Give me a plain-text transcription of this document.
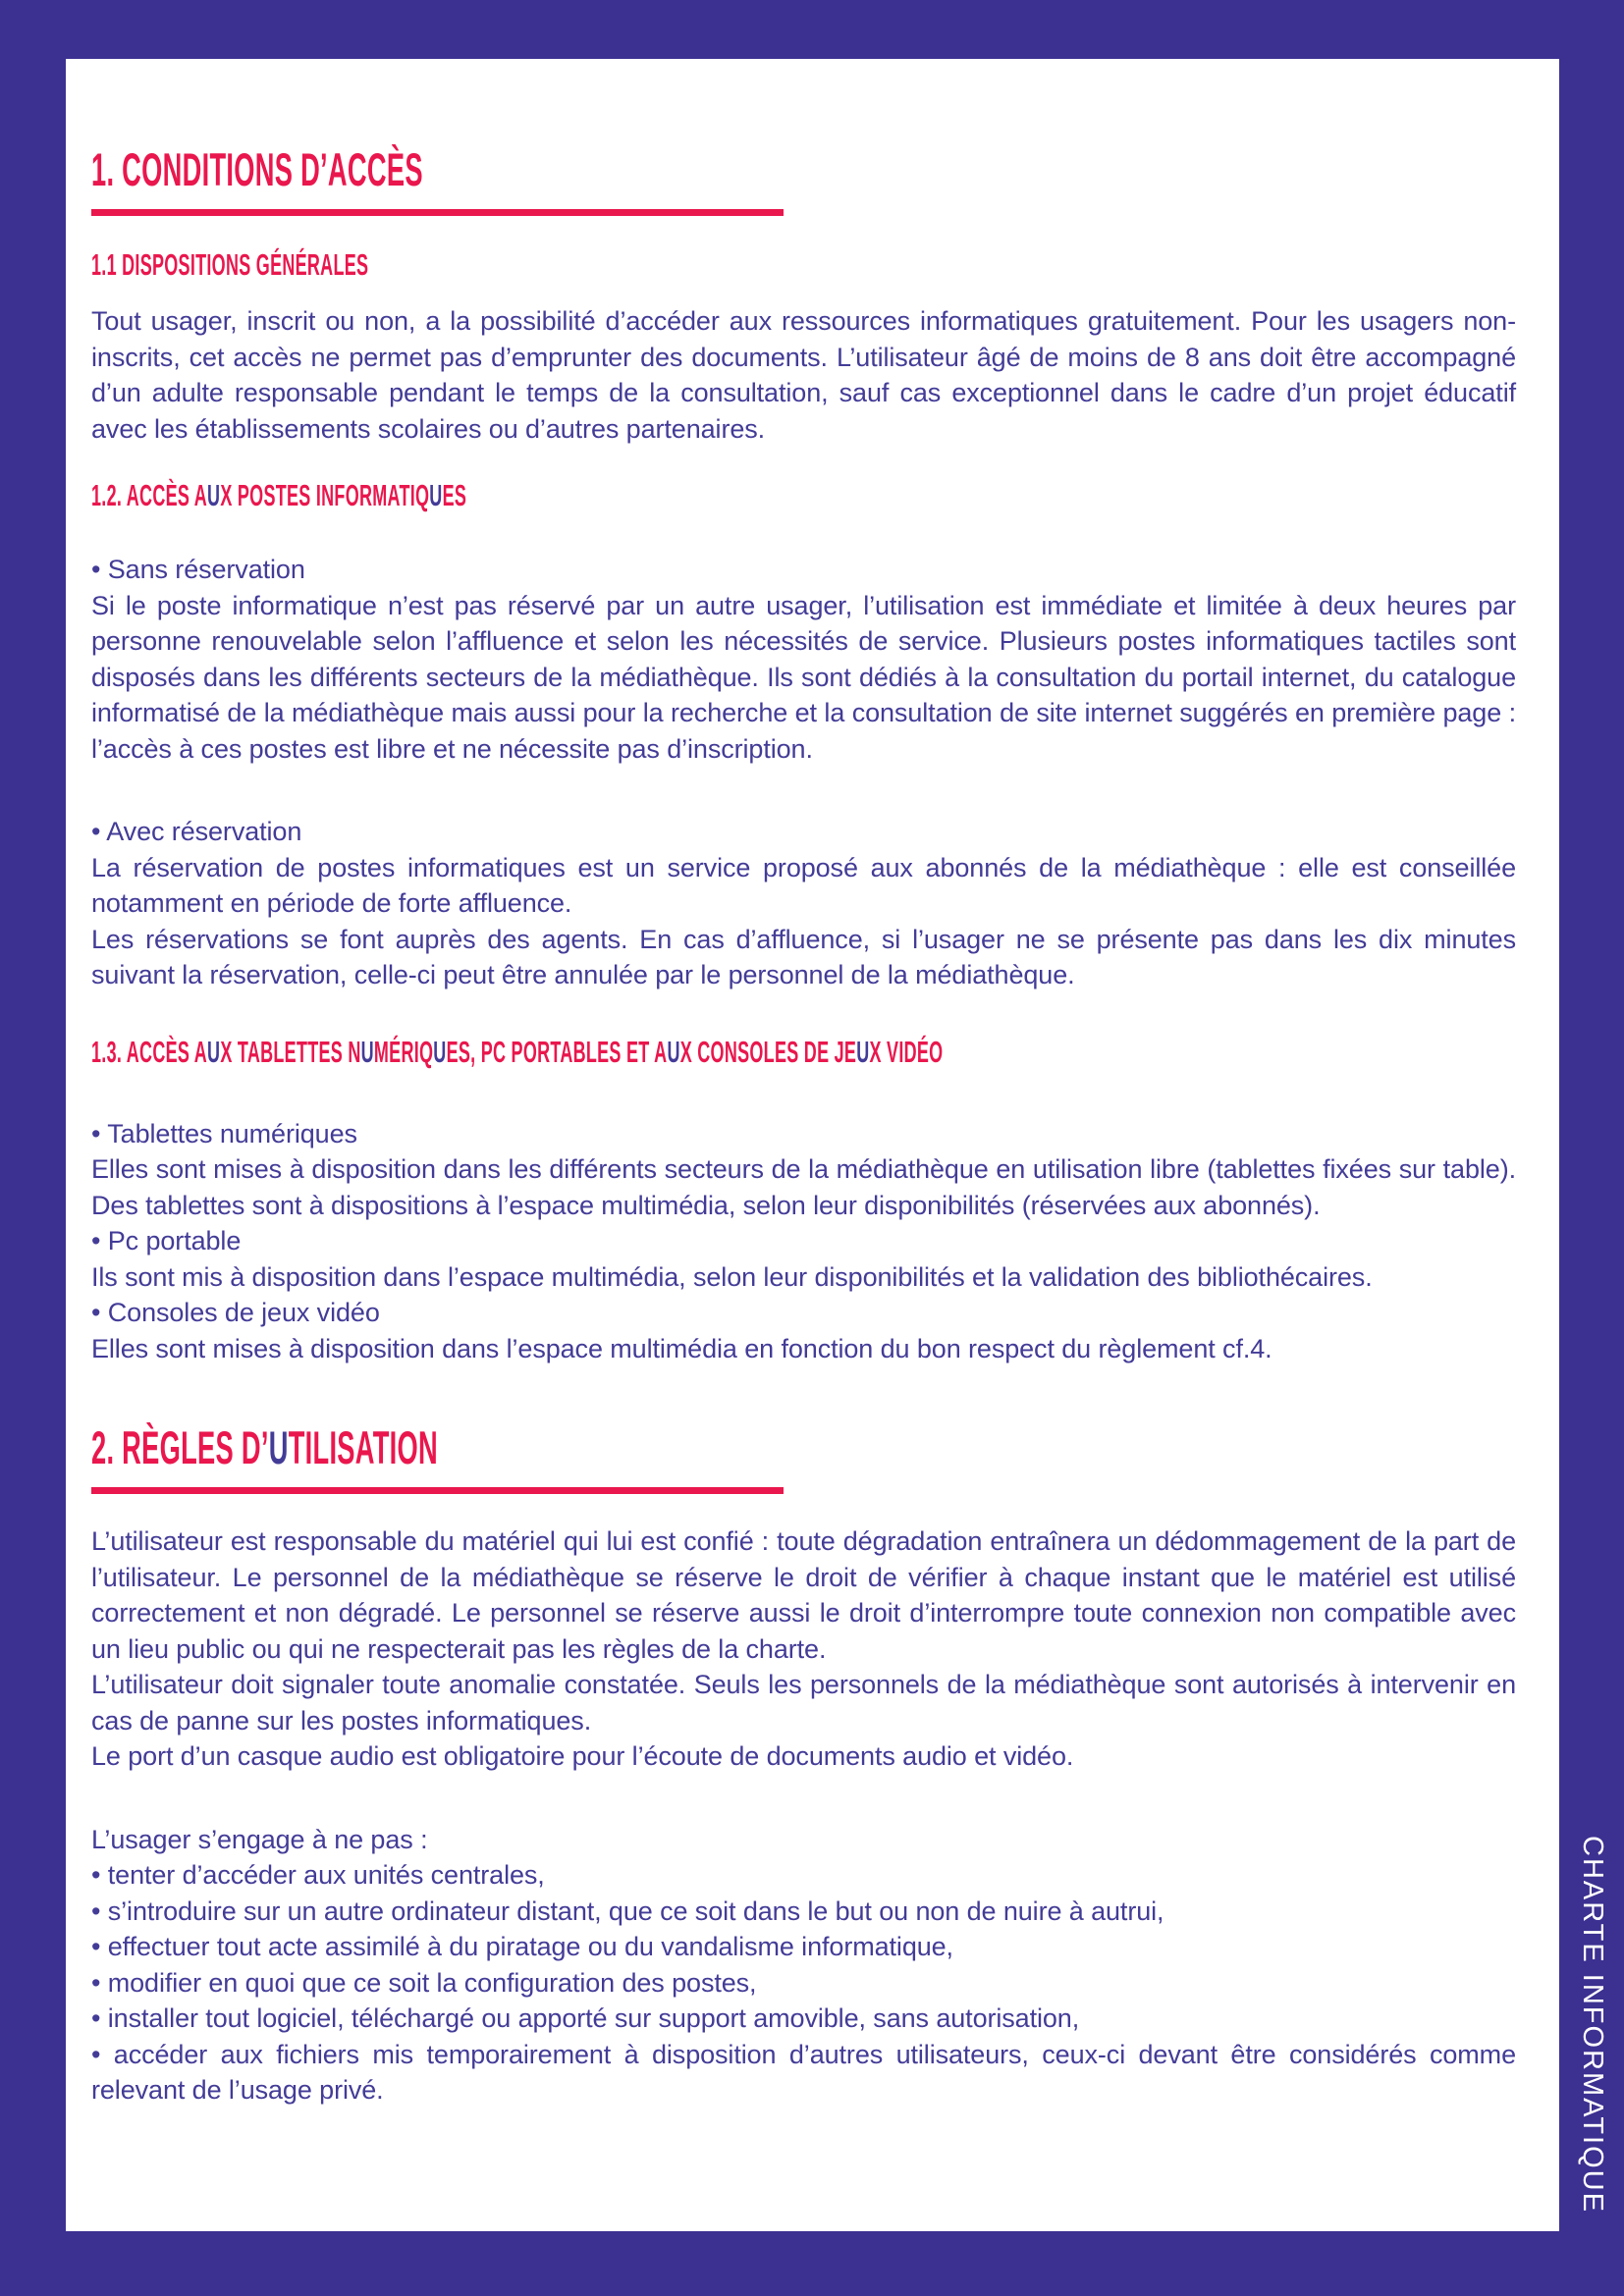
1. CONDITIONS D’ACCÈS
1.1 DISPOSITIONS GÉNÉRALES

Tout usager, inscrit ou non, a la possibilité d’accéder aux ressources informatiques gratuitement. Pour les usagers non-inscrits, cet accès ne permet pas d’emprunter des documents. L’utilisateur âgé de moins de 8 ans doit être accompagné d’un adulte responsable pendant le temps de la consultation, sauf cas exceptionnel dans le cadre d’un projet éducatif avec les établissements scolaires ou d’autres partenaires.

1.2. ACCÈS AUX POSTES INFORMATIQUES

• Sans réservation

Si le poste informatique n’est pas réservé par un autre usager, l’utilisation est immédiate et limitée à deux heures par personne renouvelable selon l’affluence et selon les nécessités de service. Plusieurs postes informatiques tactiles sont disposés dans les différents secteurs de la médiathèque. Ils sont dédiés à la consultation du portail internet, du catalogue informatisé de la médiathèque mais aussi pour la recherche et la consultation de site internet suggérés en première page : l’accès à ces postes est libre et ne nécessite pas d’inscription.

• Avec réservation

La réservation de postes informatiques est un service proposé aux abonnés de la médiathèque : elle est conseillée notamment en période de forte affluence.

Les réservations se font auprès des agents. En cas d’affluence, si l’usager ne se présente pas dans les dix minutes suivant la réservation, celle-ci peut être annulée par le personnel de la médiathèque.

1.3. ACCÈS AUX TABLETTES NUMÉRIQUES, PC PORTABLES ET AUX CONSOLES DE JEUX VIDÉO

• Tablettes numériques

Elles sont mises à disposition dans les différents secteurs de la médiathèque en utilisation libre (tablettes fixées sur table). Des tablettes sont à dispositions à l’espace multimédia, selon leur disponibilités (réservées aux abonnés).

• Pc portable

Ils sont mis à disposition dans l’espace multimédia, selon leur disponibilités et la validation des bibliothécaires.

• Consoles de jeux vidéo

Elles sont mises à disposition dans l’espace multimédia en fonction du bon respect du règlement cf.4.

2. RÈGLES D’UTILISATION

L’utilisateur est responsable du matériel qui lui est confié : toute dégradation entraînera un dédommagement de la part de l’utilisateur. Le personnel de la médiathèque se réserve le droit de vérifier à chaque instant que le matériel est utilisé correctement et non dégradé. Le personnel se réserve aussi le droit d’interrompre toute connexion non compatible avec un lieu public ou qui ne respecterait pas les règles de la charte.

L’utilisateur doit signaler toute anomalie constatée. Seuls les personnels de la médiathèque sont autorisés à intervenir en cas de panne sur les postes informatiques.

Le port d’un casque audio est obligatoire pour l’écoute de documents audio et vidéo.

L’usager s’engage à ne pas :

• tenter d’accéder aux unités centrales,

• s’introduire sur un autre ordinateur distant, que ce soit dans le but ou non de nuire à autrui,

• effectuer tout acte assimilé à du piratage ou du vandalisme informatique,

• modifier en quoi que ce soit la configuration des postes,

• installer tout logiciel, téléchargé ou apporté sur support amovible, sans autorisation,

• accéder aux fichiers mis temporairement à disposition d’autres utilisateurs, ceux-ci devant être considérés comme relevant de l’usage privé.	CHARTE INFORMATIQUE
